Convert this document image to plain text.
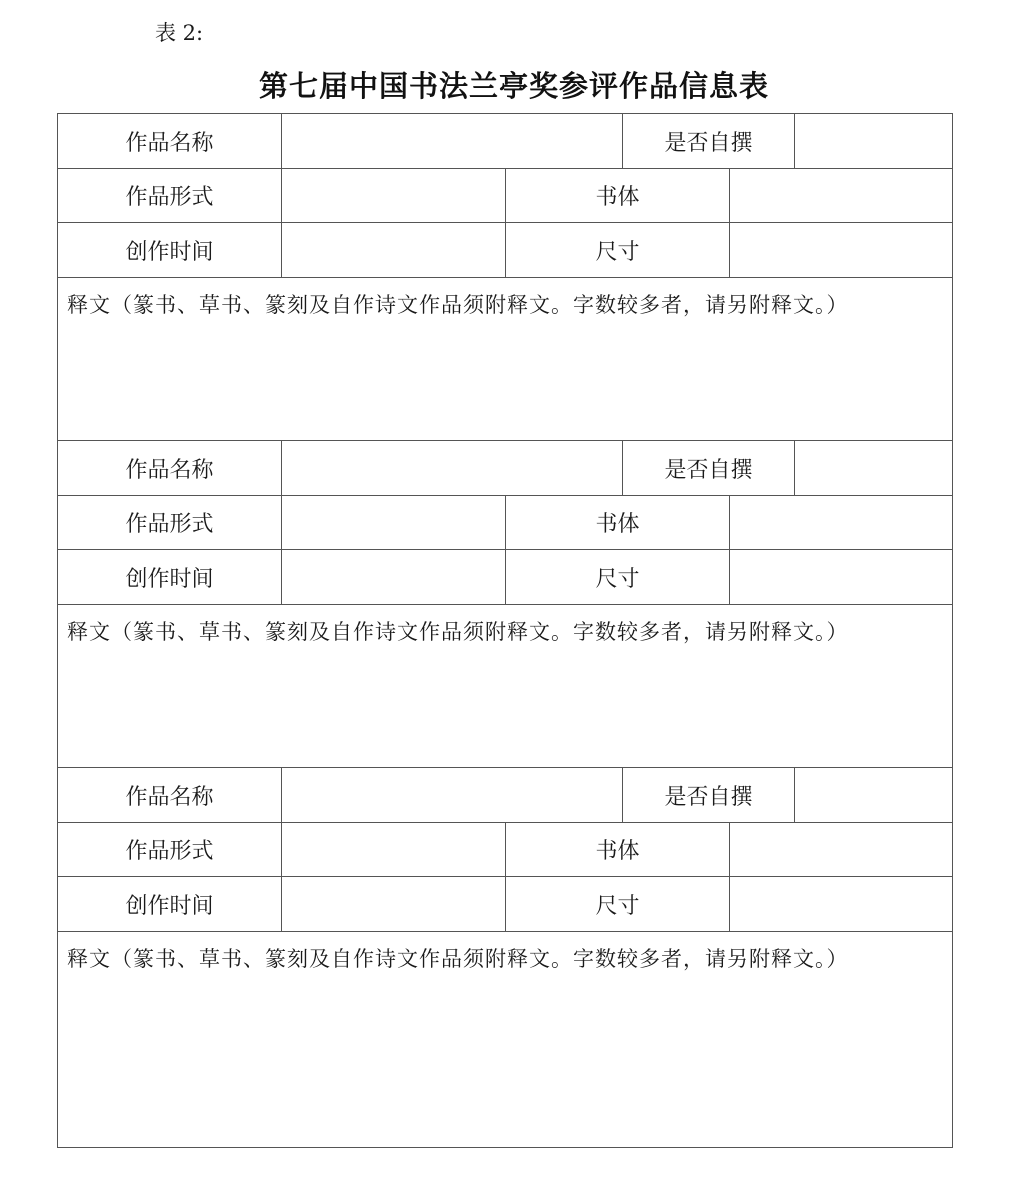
表 2:
第七届中国书法兰亭奖参评作品信息表
作品名称	是否自撰
作品形式	书体
创作时间	尺寸
释文（篆书、草书、篆刻及自作诗文作品须附释文。字数较多者，请另附释文。）
作品名称	是否自撰
作品形式	书体
创作时间	尺寸
释文（篆书、草书、篆刻及自作诗文作品须附释文。字数较多者，请另附释文。）
作品名称	是否自撰
作品形式	书体
创作时间	尺寸
释文（篆书、草书、篆刻及自作诗文作品须附释文。字数较多者，请另附释文。）
